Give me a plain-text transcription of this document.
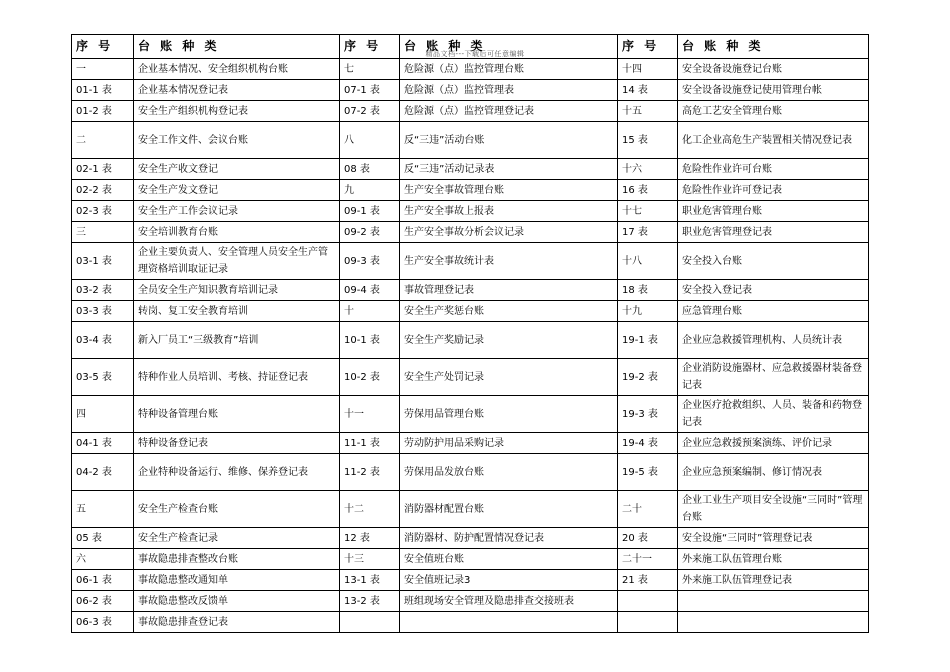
精品文档---下载后可任意编辑
序 号	台 账 种 类	序 号	台 账 种 类	序 号	台 账 种 类
一	企业基本情况、安全组织机构台账	七	危险源（点）监控管理台账	十四	安全设备设施登记台账
01-1 表	企业基本情况登记表	07-1 表	危险源（点）监控管理表	14 表	安全设备设施登记使用管理台帐
01-2 表	安全生产组织机构登记表	07-2 表	危险源（点）监控管理登记表	十五	高危工艺安全管理台账
二	安全工作文件、会议台账	八	反“三违”活动台账	15 表	化工企业高危生产装置相关情况登记表
02-1 表	安全生产收文登记	08 表	反“三违”活动记录表	十六	危险性作业许可台账
02-2 表	安全生产发文登记	九	生产安全事故管理台账	16 表	危险性作业许可登记表
02-3 表	安全生产工作会议记录	09-1 表	生产安全事故上报表	十七	职业危害管理台账
三	安全培训教育台账	09-2 表	生产安全事故分析会议记录	17 表	职业危害管理登记表
03-1 表	企业主要负责人、安全管理人员安全生产管理资格培训取证记录	09-3 表	生产安全事故统计表	十八	安全投入台账
03-2 表	全员安全生产知识教育培训记录	09-4 表	事故管理登记表	18 表	安全投入登记表
03-3 表	转岗、复工安全教育培训	十	安全生产奖惩台账	十九	应急管理台账
03-4 表	新入厂员工“三级教育”培训	10-1 表	安全生产奖励记录	19-1 表	企业应急救援管理机构、人员统计表
03-5 表	特种作业人员培训、考核、持证登记表	10-2 表	安全生产处罚记录	19-2 表	企业消防设施器材、应急救援器材装备登记表
四	特种设备管理台账	十一	劳保用品管理台账	19-3 表	企业医疗抢救组织、人员、装备和药物登记表
04-1 表	特种设备登记表	11-1 表	劳动防护用品采购记录	19-4 表	企业应急救援预案演练、评价记录
04-2 表	企业特种设备运行、维修、保养登记表	11-2 表	劳保用品发放台账	19-5 表	企业应急预案编制、修订情况表
五	安全生产检查台账	十二	消防器材配置台账	二十	企业工业生产项目安全设施“三同时”管理台账
05 表	安全生产检查记录	12 表	消防器材、防护配置情况登记表	20 表	安全设施“三同时”管理登记表
六	事故隐患排查整改台账	十三	安全值班台账	二十一	外来施工队伍管理台账
06-1 表	事故隐患整改通知单	13-1 表	安全值班记录3	21 表	外来施工队伍管理登记表
06-2 表	事故隐患整改反馈单	13-2 表	班组现场安全管理及隐患排查交接班表		
06-3 表	事故隐患排查登记表				
